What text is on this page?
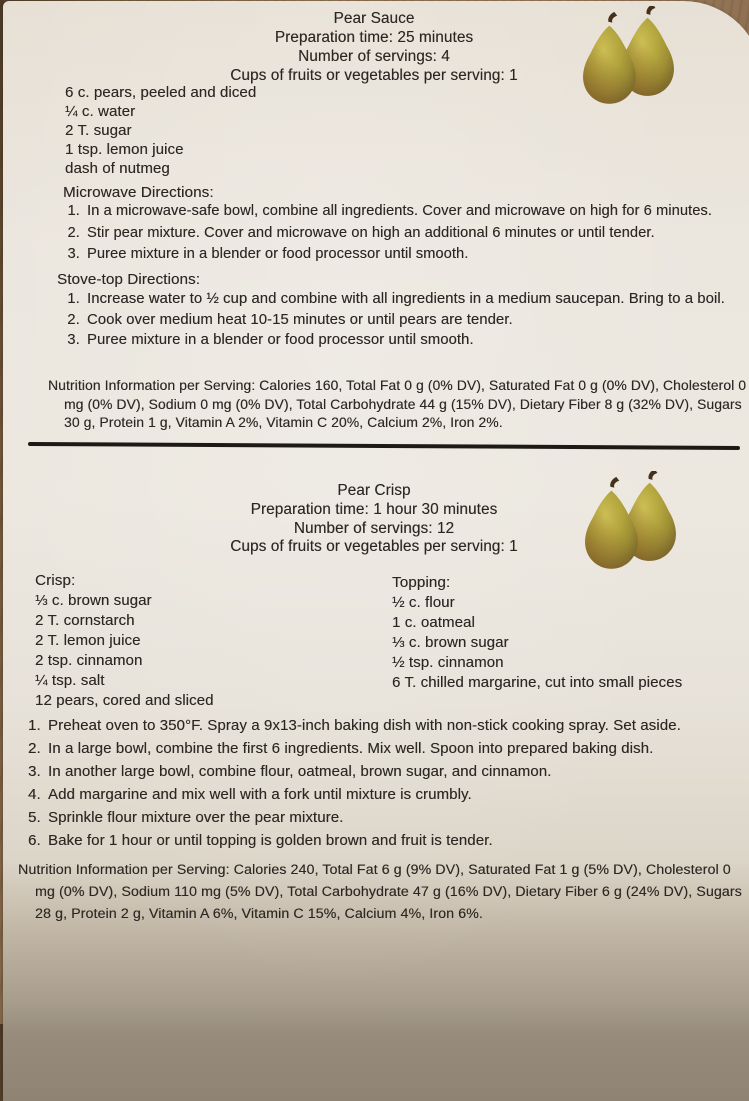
Pear Sauce
Preparation time: 25 minutes
Number of servings: 4
Cups of fruits or vegetables per serving: 1
6 c. pears, peeled and diced
¼ c. water
2 T. sugar
1 tsp. lemon juice
dash of nutmeg
Microwave Directions:
1. In a microwave-safe bowl, combine all ingredients. Cover and microwave on high for 6 minutes.
2. Stir pear mixture. Cover and microwave on high an additional 6 minutes or until tender.
3. Puree mixture in a blender or food processor until smooth.
Stove-top Directions:
1. Increase water to ½ cup and combine with all ingredients in a medium saucepan. Bring to a boil.
2. Cook over medium heat 10-15 minutes or until pears are tender.
3. Puree mixture in a blender or food processor until smooth.

Nutrition Information per Serving: Calories 160, Total Fat 0 g (0% DV), Saturated Fat 0 g (0% DV), Cholesterol 0 mg (0% DV), Sodium 0 mg (0% DV), Total Carbohydrate 44 g (15% DV), Dietary Fiber 8 g (32% DV), Sugars 30 g, Protein 1 g, Vitamin A 2%, Vitamin C 20%, Calcium 2%, Iron 2%.

Pear Crisp
Preparation time: 1 hour 30 minutes
Number of servings: 12
Cups of fruits or vegetables per serving: 1
Crisp:
⅓ c. brown sugar
2 T. cornstarch
2 T. lemon juice
2 tsp. cinnamon
¼ tsp. salt
12 pears, cored and sliced
Topping:
½ c. flour
1 c. oatmeal
⅓ c. brown sugar
½ tsp. cinnamon
6 T. chilled margarine, cut into small pieces
1. Preheat oven to 350°F. Spray a 9x13-inch baking dish with non-stick cooking spray. Set aside.
2. In a large bowl, combine the first 6 ingredients. Mix well. Spoon into prepared baking dish.
3. In another large bowl, combine flour, oatmeal, brown sugar, and cinnamon.
4. Add margarine and mix well with a fork until mixture is crumbly.
5. Sprinkle flour mixture over the pear mixture.
6. Bake for 1 hour or until topping is golden brown and fruit is tender.

Nutrition Information per Serving: Calories 240, Total Fat 6 g (9% DV), Saturated Fat 1 g (5% DV), Cholesterol 0 mg (0% DV), Sodium 110 mg (5% DV), Total Carbohydrate 47 g (16% DV), Dietary Fiber 6 g (24% DV), Sugars 28 g, Protein 2 g, Vitamin A 6%, Vitamin C 15%, Calcium 4%, Iron 6%.
